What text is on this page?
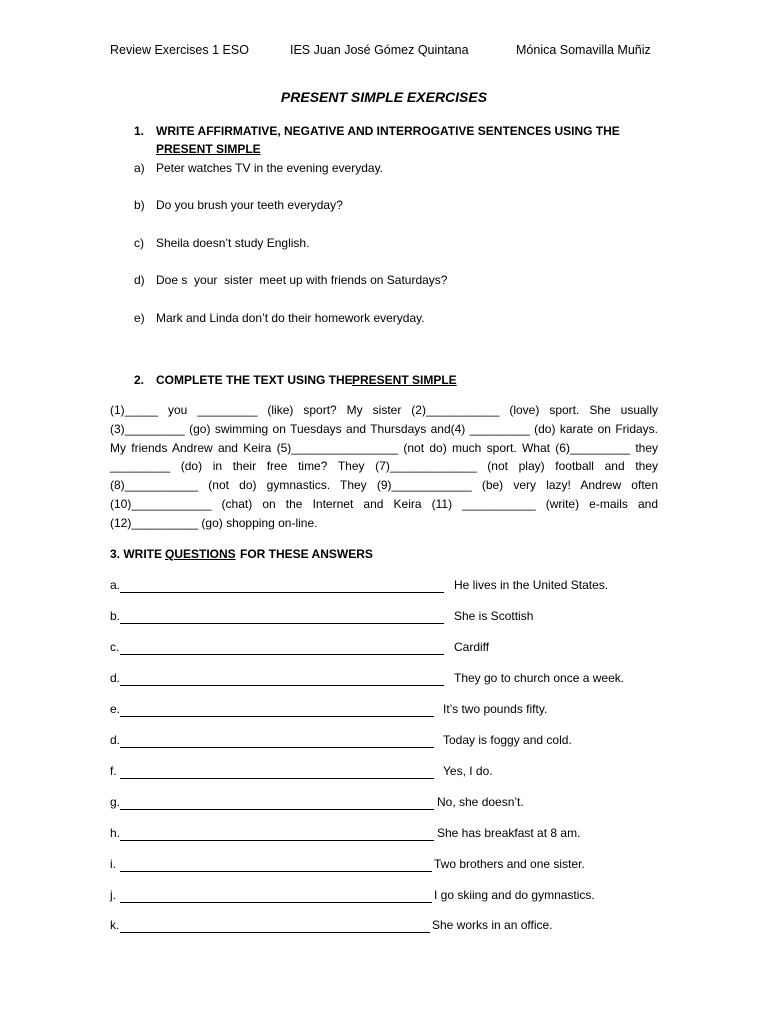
Review Exercises 1 ESO	IES Juan José Gómez Quintana	Mónica Somavilla Muñiz
PRESENT SIMPLE EXERCISES
1. WRITE AFFIRMATIVE, NEGATIVE AND INTERROGATIVE SENTENCES USING THE
PRESENT SIMPLE
a) Peter watches TV in the evening everyday.
b) Do you brush your teeth everyday?
c) Sheila doesn’t study English.
d) Doe s  your  sister  meet up with friends on Saturdays?
e) Mark and Linda don’t do their homework everyday.
2. COMPLETE THE TEXT USING THE PRESENT SIMPLE
(1)_____ you _________ (like) sport? My sister (2)___________ (love) sport. She usually (3)_________ (go) swimming on Tuesdays and Thursdays and(4) _________ (do) karate on Fridays. My friends Andrew and Keira (5)________________ (not do) much sport. What (6)_________ they _________ (do) in their free time? They (7)_____________ (not play) football and they (8)___________ (not do) gymnastics. They (9)____________ (be) very lazy! Andrew often (10)____________ (chat) on the Internet and Keira (11) ___________ (write) e-mails and (12)__________ (go) shopping on-line.
3. WRITE QUESTIONS FOR THESE ANSWERS
a.	He lives in the United States.
b.	She is Scottish
c.	Cardiff
d.	They go to church once a week.
e.	It’s two pounds fifty.
d.	Today is foggy and cold.
f.	Yes, I do.
g.	No, she doesn’t.
h.	She has breakfast at 8 am.
i.	Two brothers and one sister.
j.	I go skiing and do gymnastics.
k.	She works in an office.
